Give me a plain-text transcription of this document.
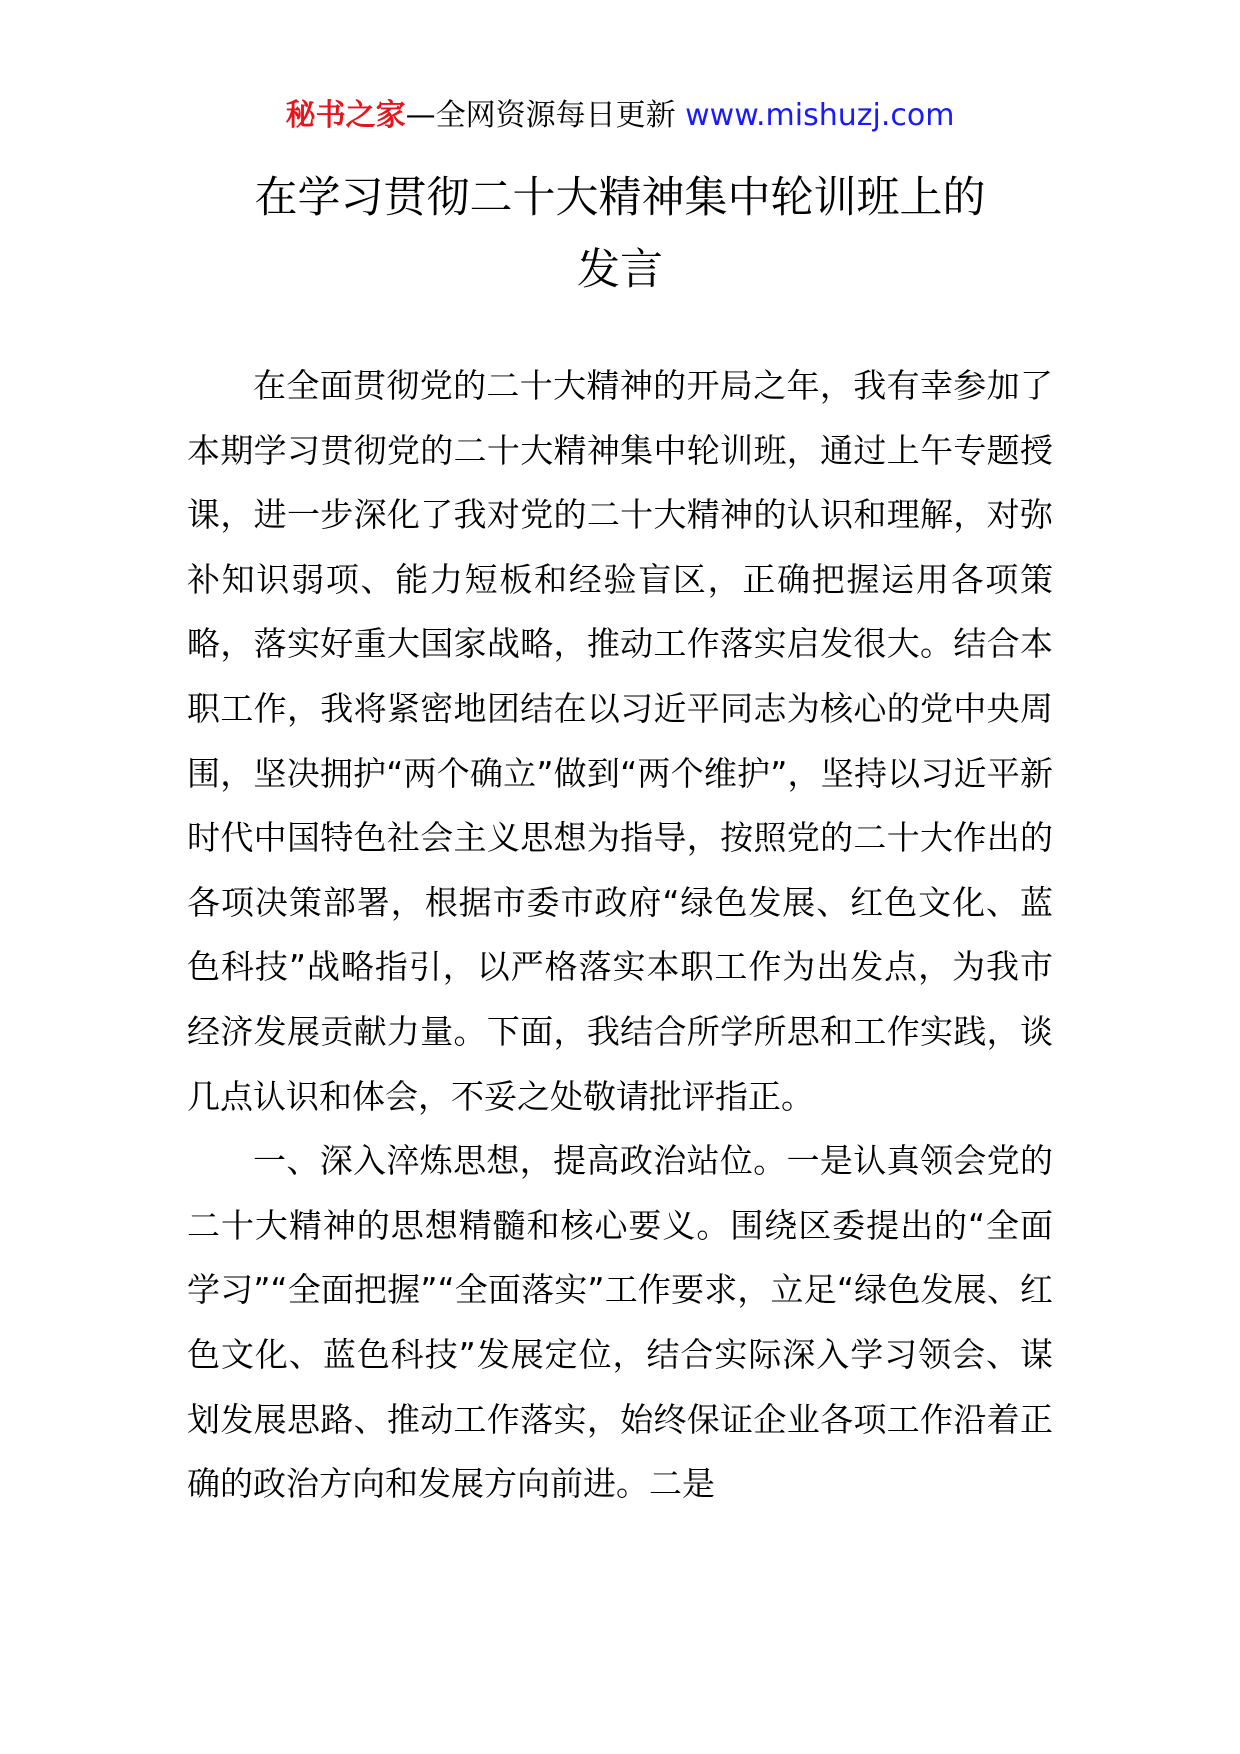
秘书之家—全网资源每日更新 www.mishuzj.com
在学习贯彻二十大精神集中轮训班上的
发言

在全面贯彻党的二十大精神的开局之年，我有幸参加了本期学习贯彻党的二十大精神集中轮训班，通过上午专题授课，进一步深化了我对党的二十大精神的认识和理解，对弥补知识弱项、能力短板和经验盲区，正确把握运用各项策略，落实好重大国家战略，推动工作落实启发很大。结合本职工作，我将紧密地团结在以习近平同志为核心的党中央周围，坚决拥护“两个确立”做到“两个维护”，坚持以习近平新时代中国特色社会主义思想为指导，按照党的二十大作出的各项决策部署，根据市委市政府“绿色发展、红色文化、蓝色科技”战略指引，以严格落实本职工作为出发点，为我市经济发展贡献力量。下面，我结合所学所思和工作实践，谈几点认识和体会，不妥之处敬请批评指正。

一、深入淬炼思想，提高政治站位。一是认真领会党的二十大精神的思想精髓和核心要义。围绕区委提出的“全面学习”“全面把握”“全面落实”工作要求，立足“绿色发展、红色文化、蓝色科技”发展定位，结合实际深入学习领会、谋划发展思路、推动工作落实，始终保证企业各项工作沿着正确的政治方向和发展方向前进。二是
